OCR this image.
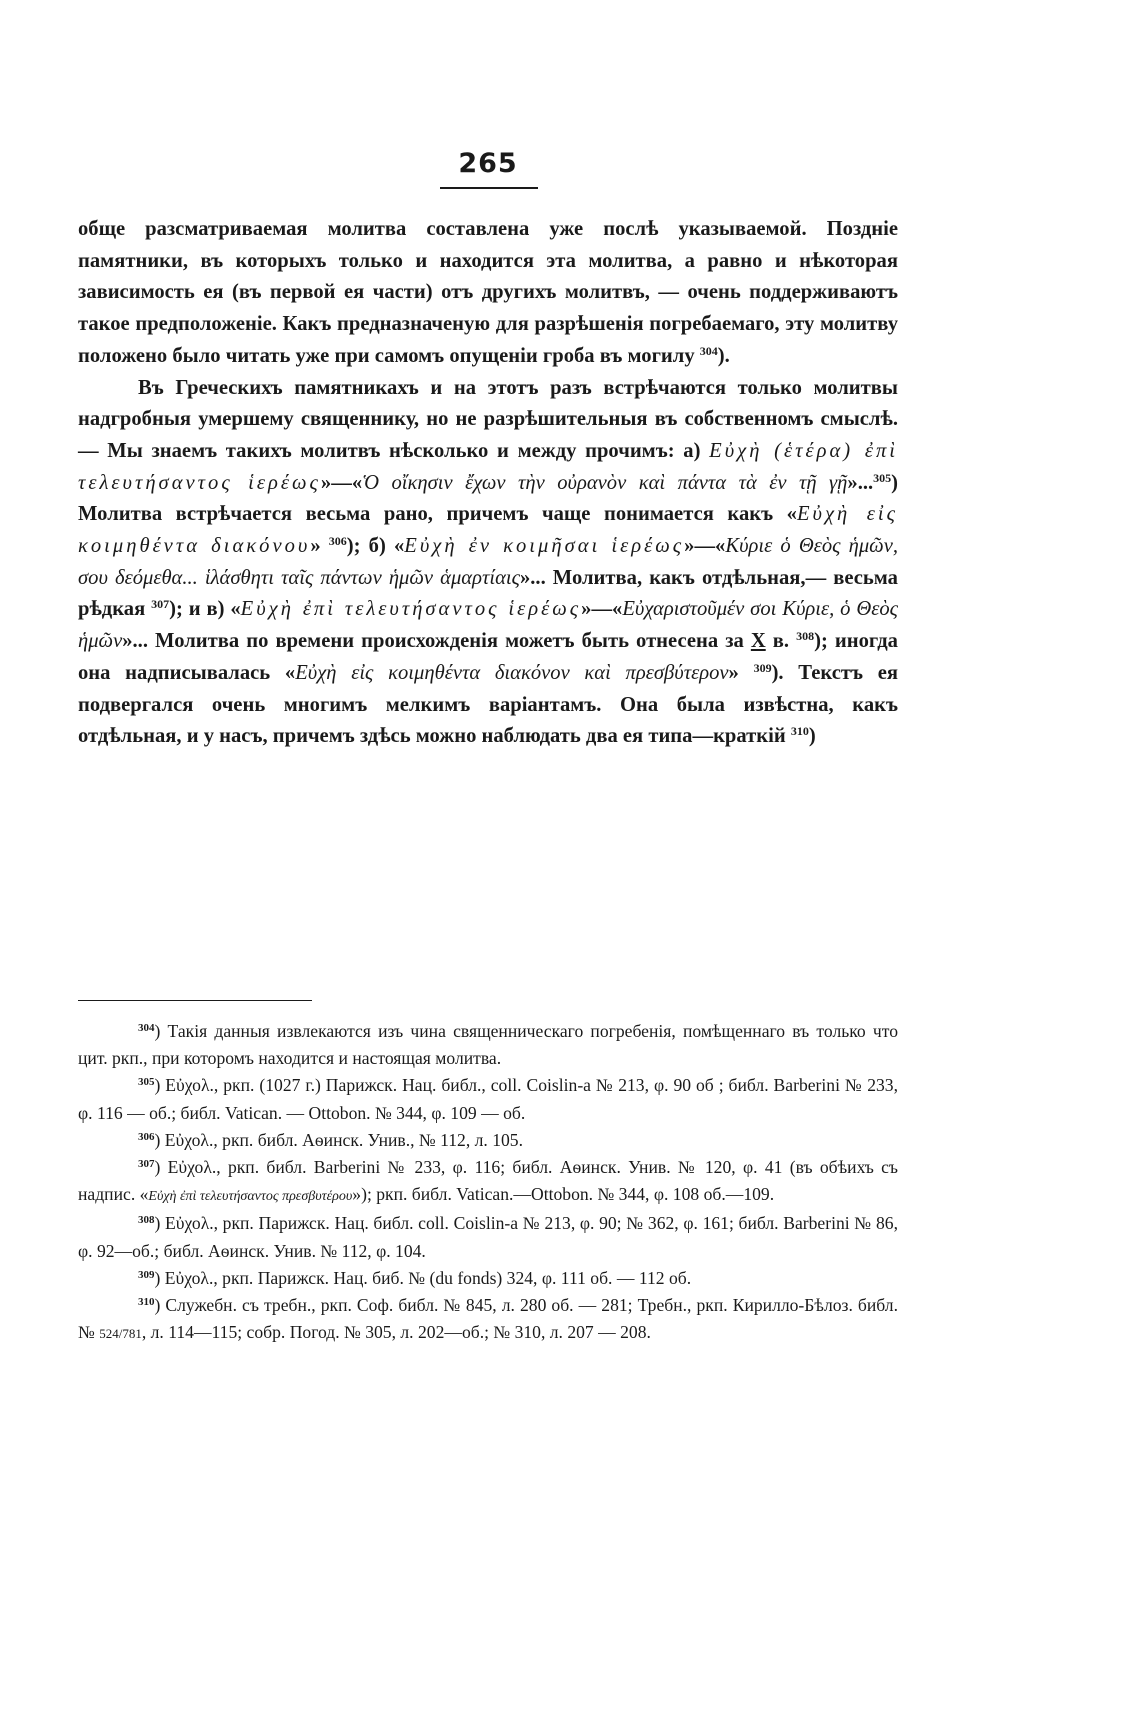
265

обще разсматриваемая молитва составлена уже послѣ указываемой. Поздніе памятники, въ которыхъ только и находится эта молитва, а равно и нѣкоторая зависимость ея (въ первой ея части) отъ другихъ молитвъ, — очень поддерживаютъ такое предположеніе. Какъ предназначеную для разрѣшенія погребаемаго, эту молитву положено было читать уже при самомъ опущеніи гроба въ могилу $^{304}$).

Въ Греческихъ памятникахъ и на этотъ разъ встрѣчаются только молитвы надгробныя умершему священнику, но не разрѣшительныя въ собственномъ смыслѣ. — Мы знаемъ такихъ молитвъ нѣсколько и между прочимъ: а) Εὐχὴ (ἑτέρα) ἐπὶ τελευτήσαντος ἱερέως»—«Ὁ οἴκησιν ἔχων τὴν οὐρανὸν καὶ πάντα τὰ ἐν τῇ γῇ»...$^{305}$) Молитва встрѣчается весьма рано, причемъ чаще понимается какъ «Εὐχὴ εἰς κοιμηθέντα διακόνου» $^{306}$); б) «Εὐχὴ ἐν κοιμῆσαι ἱερέως»—«Κύριε ὁ Θεὸς ἡμῶν, σου δεόμεθα... ἱλάσθητι ταῖς πάντων ἡμῶν ἁμαρτίαις»... Молитва, какъ отдѣльная,— весьма рѣдкая $^{307}$); и в) «Εὐχὴ ἐπὶ τελευτήσαντος ἱερέως»—«Εὐχαριστοῦμέν σοι Κύριε, ὁ Θεὸς ἡμῶν»... Молитва по времени происхожденія можетъ быть отнесена за X в. $^{308}$); иногда она надписывалась «Εὐχὴ εἰς κοιμηθέντα διακόνον καὶ πρεσβύτερον» $^{309}$). Текстъ ея подвергался очень многимъ мелкимъ варіантамъ. Она была извѣстна, какъ отдѣльная, и у насъ, причемъ здѣсь можно наблюдать два ея типа—краткій $^{310}$)

$^{304}$) Такія данныя извлекаются изъ чина священническаго погребенія, помѣщеннаго въ только что цит. ркп., при которомъ находится и настоящая молитва.

$^{305}$) Εὐχολ., ркп. (1027 г.) Парижск. Нац. библ., coll. Coislin-a № 213, φ. 90 об ; библ. Barberini № 233, φ. 116 — об.; библ. Vatican. — Ottobon. № 344, φ. 109 — об.

$^{306}$) Εὐχολ., ркп. библ. Аѳинск. Унив., № 112, л. 105.

$^{307}$) Εὐχολ., ркп. библ. Barberini № 233, φ. 116; библ. Аѳинск. Унив. № 120, φ. 41 (въ обѣихъ съ надпис. «Εὐχὴ ἐπὶ τελευτήσαντος πρεσβυτέρου»); ркп. библ. Vatican.—Ottobon. № 344, φ. 108 об.—109.

$^{308}$) Εὐχολ., ркп. Парижск. Нац. библ. coll. Coislin-a № 213, φ. 90; № 362, φ. 161; библ. Barberini № 86, φ. 92—об.; библ. Аѳинск. Унив. № 112, φ. 104.

$^{309}$) Εὐχολ., ркп. Парижск. Нац. биб. № (du fonds) 324, φ. 111 об. — 112 об.

$^{310}$) Служебн. съ требн., ркп. Соф. библ. № 845, л. 280 об. — 281; Требн., ркп. Кирилло-Бѣлоз. библ. № 524/781, л. 114—115; собр. Погод. № 305, л. 202—об.; № 310, л. 207 — 208.
